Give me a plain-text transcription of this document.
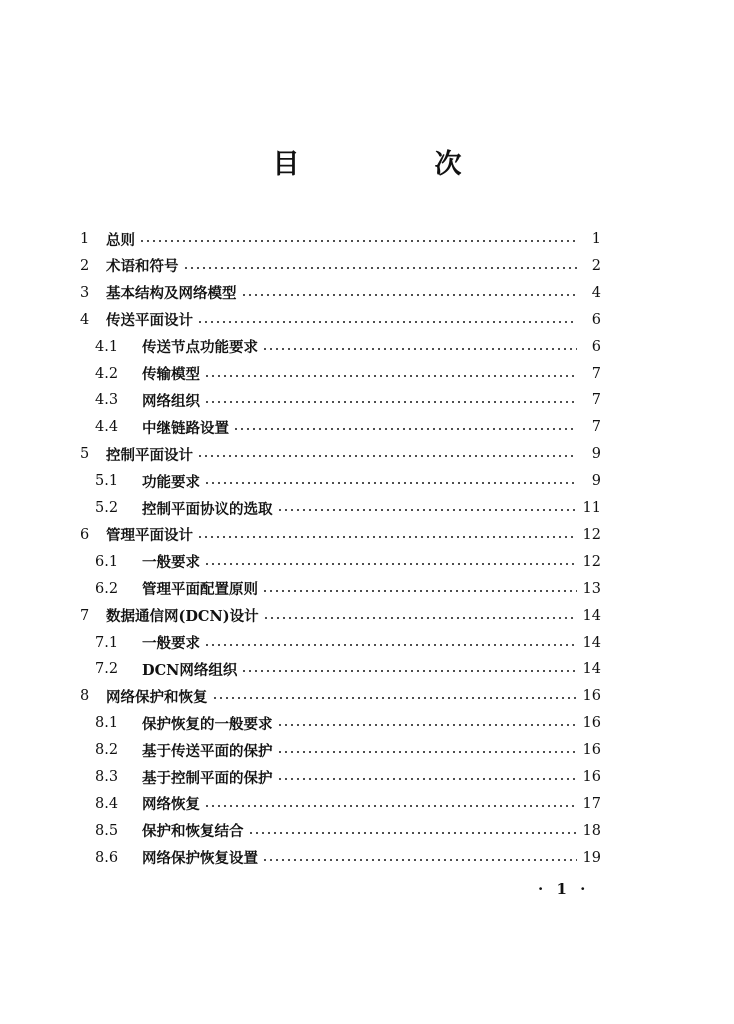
目　次
1 总则	1
2 术语和符号	2
3 基本结构及网络模型	4
4 传送平面设计	6
4.1 传送节点功能要求	6
4.2 传输模型	7
4.3 网络组织	7
4.4 中继链路设置	7
5 控制平面设计	9
5.1 功能要求	9
5.2 控制平面协议的选取	11
6 管理平面设计	12
6.1 一般要求	12
6.2 管理平面配置原则	13
7 数据通信网(DCN)设计	14
7.1 一般要求	14
7.2 DCN网络组织	14
8 网络保护和恢复	16
8.1 保护恢复的一般要求	16
8.2 基于传送平面的保护	16
8.3 基于控制平面的保护	16
8.4 网络恢复	17
8.5 保护和恢复结合	18
8.6 网络保护恢复设置	19
· 1 ·
